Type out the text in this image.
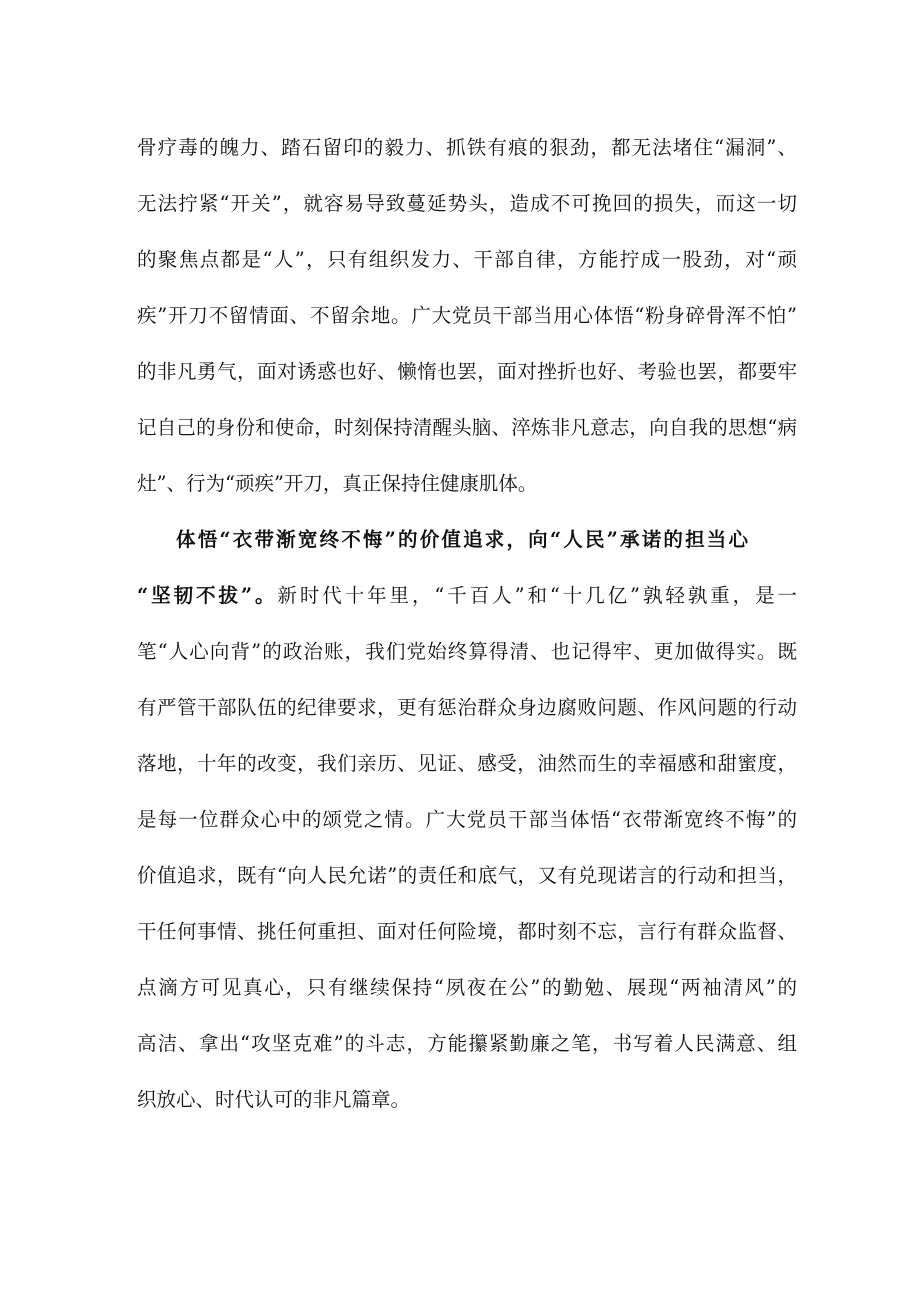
骨疗毒的魄力、踏石留印的毅力、抓铁有痕的狠劲，都无法堵住“漏洞”、
无法拧紧“开关”，就容易导致蔓延势头，造成不可挽回的损失，而这一切
的聚焦点都是“人”，只有组织发力、干部自律，方能拧成一股劲，对“顽
疾”开刀不留情面、不留余地。广大党员干部当用心体悟“粉身碎骨浑不怕”
的非凡勇气，面对诱惑也好、懒惰也罢，面对挫折也好、考验也罢，都要牢
记自己的身份和使命，时刻保持清醒头脑、淬炼非凡意志，向自我的思想“病
灶”、行为“顽疾”开刀，真正保持住健康肌体。
体悟“衣带渐宽终不悔”的价值追求，向“人民”承诺的担当心
“坚韧不拔”。新时代十年里，“千百人”和“十几亿”孰轻孰重，是一
笔“人心向背”的政治账，我们党始终算得清、也记得牢、更加做得实。既
有严管干部队伍的纪律要求，更有惩治群众身边腐败问题、作风问题的行动
落地，十年的改变，我们亲历、见证、感受，油然而生的幸福感和甜蜜度，
是每一位群众心中的颂党之情。广大党员干部当体悟“衣带渐宽终不悔”的
价值追求，既有“向人民允诺”的责任和底气，又有兑现诺言的行动和担当，
干任何事情、挑任何重担、面对任何险境，都时刻不忘，言行有群众监督、
点滴方可见真心，只有继续保持“夙夜在公”的勤勉、展现“两袖清风”的
高洁、拿出“攻坚克难”的斗志，方能攥紧勤廉之笔，书写着人民满意、组
织放心、时代认可的非凡篇章。
